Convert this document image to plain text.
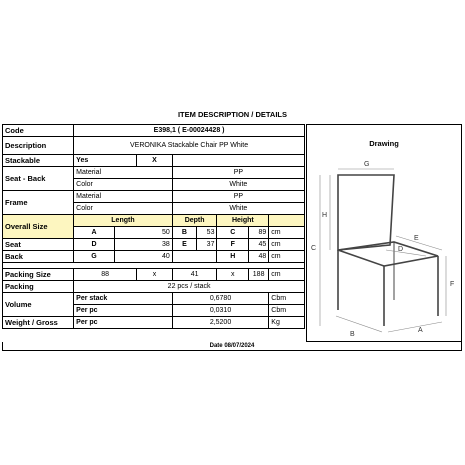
ITEM DESCRIPTION / DETAILS
Code	E398,1 ( E-00024428 )							
Description	VERONIKA Stackable Chair PP White							
Stackable	Yes		X					
Seat - Back	Material			PP				
	Color			White				
Frame	Material			PP				
	Color			White				
Overall Size	Length			Depth		Height		
	A	50		B	53	C	89	cm
Seat	D	38		E	37	F	45	cm
Back	G	40				H	48	cm

Packing Size	88		x	41		x	188	cm
Packing	22 pcs / stack							
Volume	Per stack			0,6780				Cbm
	Per pc			0,0310				Cbm
Weight / Gross	Per pc			2,5200				Kg
Drawing
G
H
C
E
D
F
B
A
Date 08/07/2024
